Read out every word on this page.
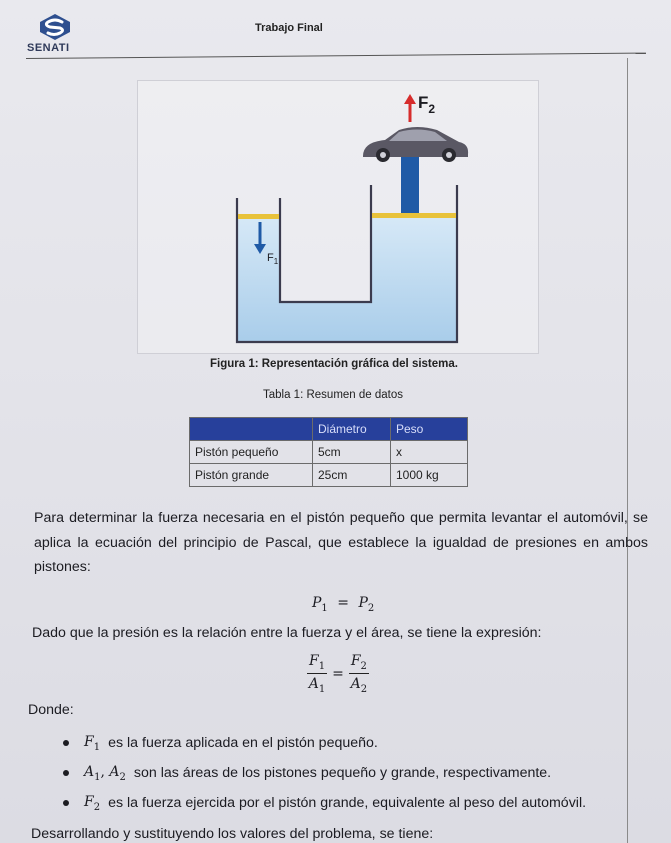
SENATI
Trabajo Final
$F_2$
$F_1$
Figura 1: Representación gráfica del sistema.
Tabla 1: Resumen de datos
	Diámetro	Peso
Pistón pequeño	5cm	x
Pistón grande	25cm	1000 kg
Para determinar la fuerza necesaria en el pistón pequeño que permita levantar el automóvil, se aplica la ecuación del principio de Pascal, que establece la igualdad de presiones en ambos pistones:
$P_1 = P_2$
Dado que la presión es la relación entre la fuerza y el área, se tiene la expresión:
$\frac{F_1}{A_1} = \frac{F_2}{A_2}$
Donde:
$F_1$ es la fuerza aplicada en el pistón pequeño.
$A_1$, $A_2$ son las áreas de los pistones pequeño y grande, respectivamente.
$F_2$ es la fuerza ejercida por el pistón grande, equivalente al peso del automóvil.
Desarrollando y sustituyendo los valores del problema, se tiene:
